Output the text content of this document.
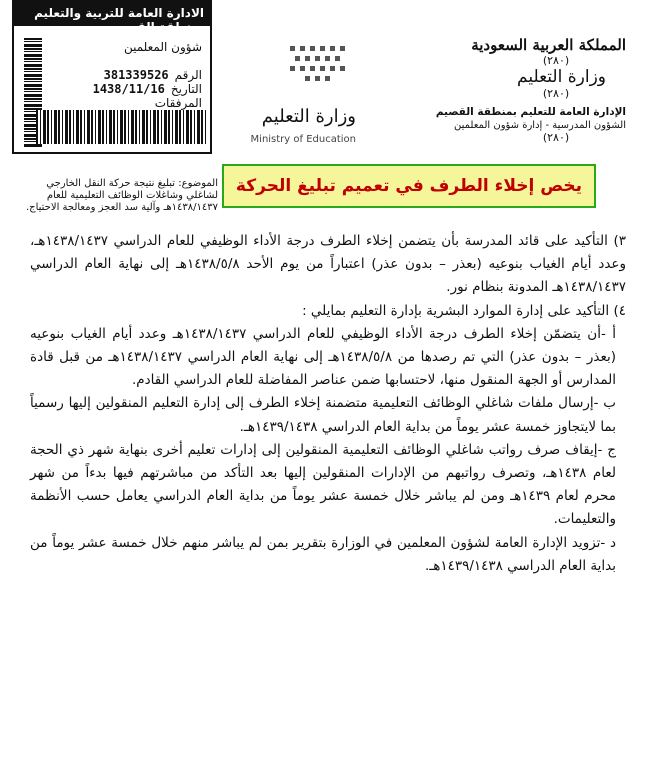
الادارة العامة للتربية والتعليم بمنطقة القصيم
شؤون المعلمين
الرقم
381339526
التاريخ
1438/11/16
المرفقات
الموضوع: تبليغ نتيجة حركة النقل الخارجي لشاغلي وشاغلات الوظائف التعليمية للعام ١٤٣٨/١٤٣٧هـ وآلية سد العجز ومعالجة الاحتياج.
وزارة التعليم
Ministry of Education
المملكة العربية السعودية
(٢٨٠)
وزارة التعليم
(٢٨٠)
الإدارة العامة للتعليم بمنطقة القصيم
الشؤون المدرسية - إدارة شؤون المعلمين
(٢٨٠)
يخص إخلاء الطرف في تعميم تبليغ الحركة

٣) التأكيد على قائد المدرسة بأن يتضمن إخلاء الطرف درجة الأداء الوظيفي للعام الدراسي ١٤٣٨/١٤٣٧هـ، وعدد أيام الغياب بنوعيه (بعذر – بدون عذر) اعتباراً من يوم الأحد ١٤٣٨/٥/٨هـ إلى نهاية العام الدراسي ١٤٣٨/١٤٣٧هـ المدونة بنظام نور.

٤) التأكيد على إدارة الموارد البشرية بإدارة التعليم بمايلي :

أ -أن يتضمّن إخلاء الطرف درجة الأداء الوظيفي للعام الدراسي ١٤٣٨/١٤٣٧هـ وعدد أيام الغياب بنوعيه (بعذر – بدون عذر) التي تم رصدها من ١٤٣٨/٥/٨هـ إلى نهاية العام الدراسي ١٤٣٨/١٤٣٧هـ من قبل قادة المدارس أو الجهة المنقول منها، لاحتسابها ضمن عناصر المفاضلة للعام الدراسي القادم.

ب -إرسال ملفات شاغلي الوظائف التعليمية متضمنة إخلاء الطرف إلى إدارة التعليم المنقولين إليها رسمياً بما لايتجاوز خمسة عشر يوماً من بداية العام الدراسي ١٤٣٩/١٤٣٨هـ.

ج -إيقاف صرف رواتب شاغلي الوظائف التعليمية المنقولين إلى إدارات تعليم أخرى بنهاية شهر ذي الحجة لعام ١٤٣٨هـ، وتصرف رواتبهم من الإدارات المنقولين إليها بعد التأكد من مباشرتهم فيها بدءاً من شهر محرم لعام ١٤٣٩هـ ومن لم يباشر خلال خمسة عشر يوماً من بداية العام الدراسي يعامل حسب الأنظمة والتعليمات.

د -تزويد الإدارة العامة لشؤون المعلمين في الوزارة بتقرير بمن لم يباشر منهم خلال خمسة عشر يوماً من بداية العام الدراسي ١٤٣٩/١٤٣٨هـ.
